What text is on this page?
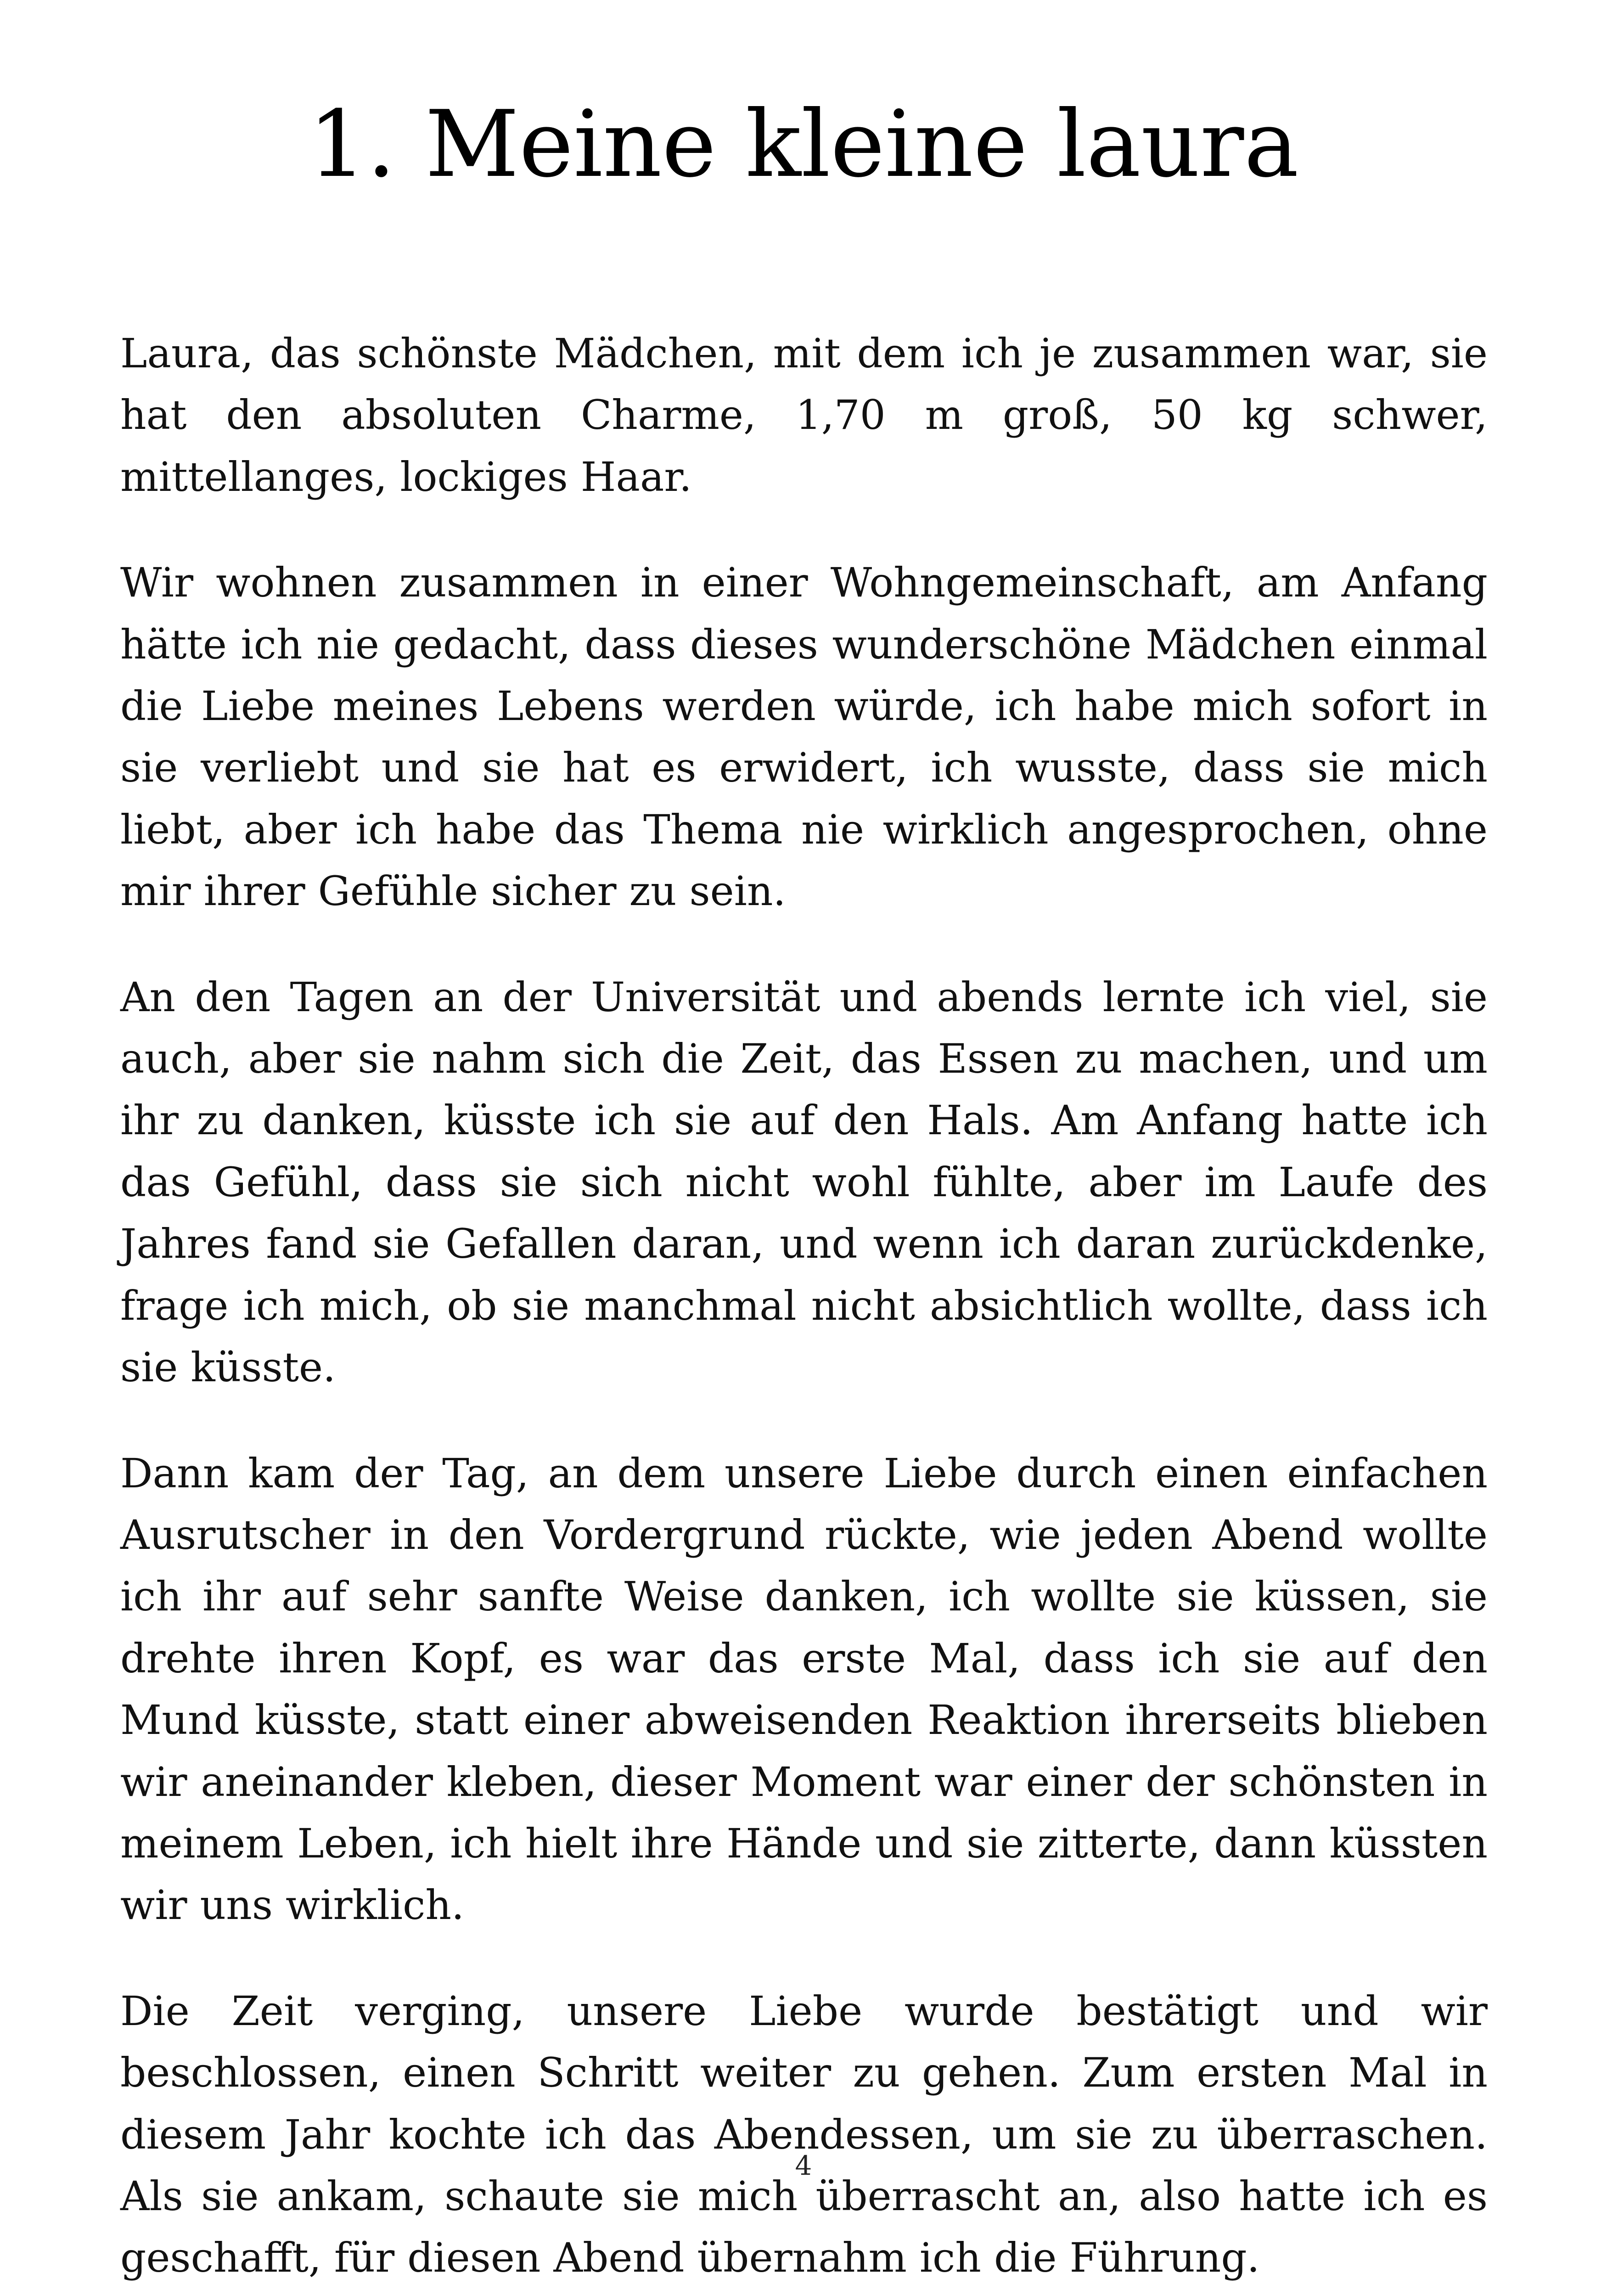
1. Meine kleine laura

Laura, das schönste Mädchen, mit dem ich je zusammen war, sie hat den absoluten Charme, 1,70 m groß, 50 kg schwer, mittellanges, lockiges Haar.

Wir wohnen zusammen in einer Wohngemeinschaft, am Anfang hätte ich nie gedacht, dass dieses wunderschöne Mädchen einmal die Liebe meines Lebens werden würde, ich habe mich sofort in sie verliebt und sie hat es erwidert, ich wusste, dass sie mich liebt, aber ich habe das Thema nie wirklich angesprochen, ohne mir ihrer Gefühle sicher zu sein.

An den Tagen an der Universität und abends lernte ich viel, sie auch, aber sie nahm sich die Zeit, das Essen zu machen, und um ihr zu danken, küsste ich sie auf den Hals. Am Anfang hatte ich das Gefühl, dass sie sich nicht wohl fühlte, aber im Laufe des Jahres fand sie Gefallen daran, und wenn ich daran zurückdenke, frage ich mich, ob sie manchmal nicht absichtlich wollte, dass ich sie küsste.

Dann kam der Tag, an dem unsere Liebe durch einen einfachen Ausrutscher in den Vordergrund rückte, wie jeden Abend wollte ich ihr auf sehr sanfte Weise danken, ich wollte sie küssen, sie drehte ihren Kopf, es war das erste Mal, dass ich sie auf den Mund küsste, statt einer abweisenden Reaktion ihrerseits blieben wir aneinander kleben, dieser Moment war einer der schönsten in meinem Leben, ich hielt ihre Hände und sie zitterte, dann küssten wir uns wirklich.

Die Zeit verging, unsere Liebe wurde bestätigt und wir beschlossen, einen Schritt weiter zu gehen. Zum ersten Mal in diesem Jahr kochte ich das Abendessen, um sie zu überraschen. Als sie ankam, schaute sie mich überrascht an, also hatte ich es geschafft, für diesen Abend übernahm ich die Führung.

4
